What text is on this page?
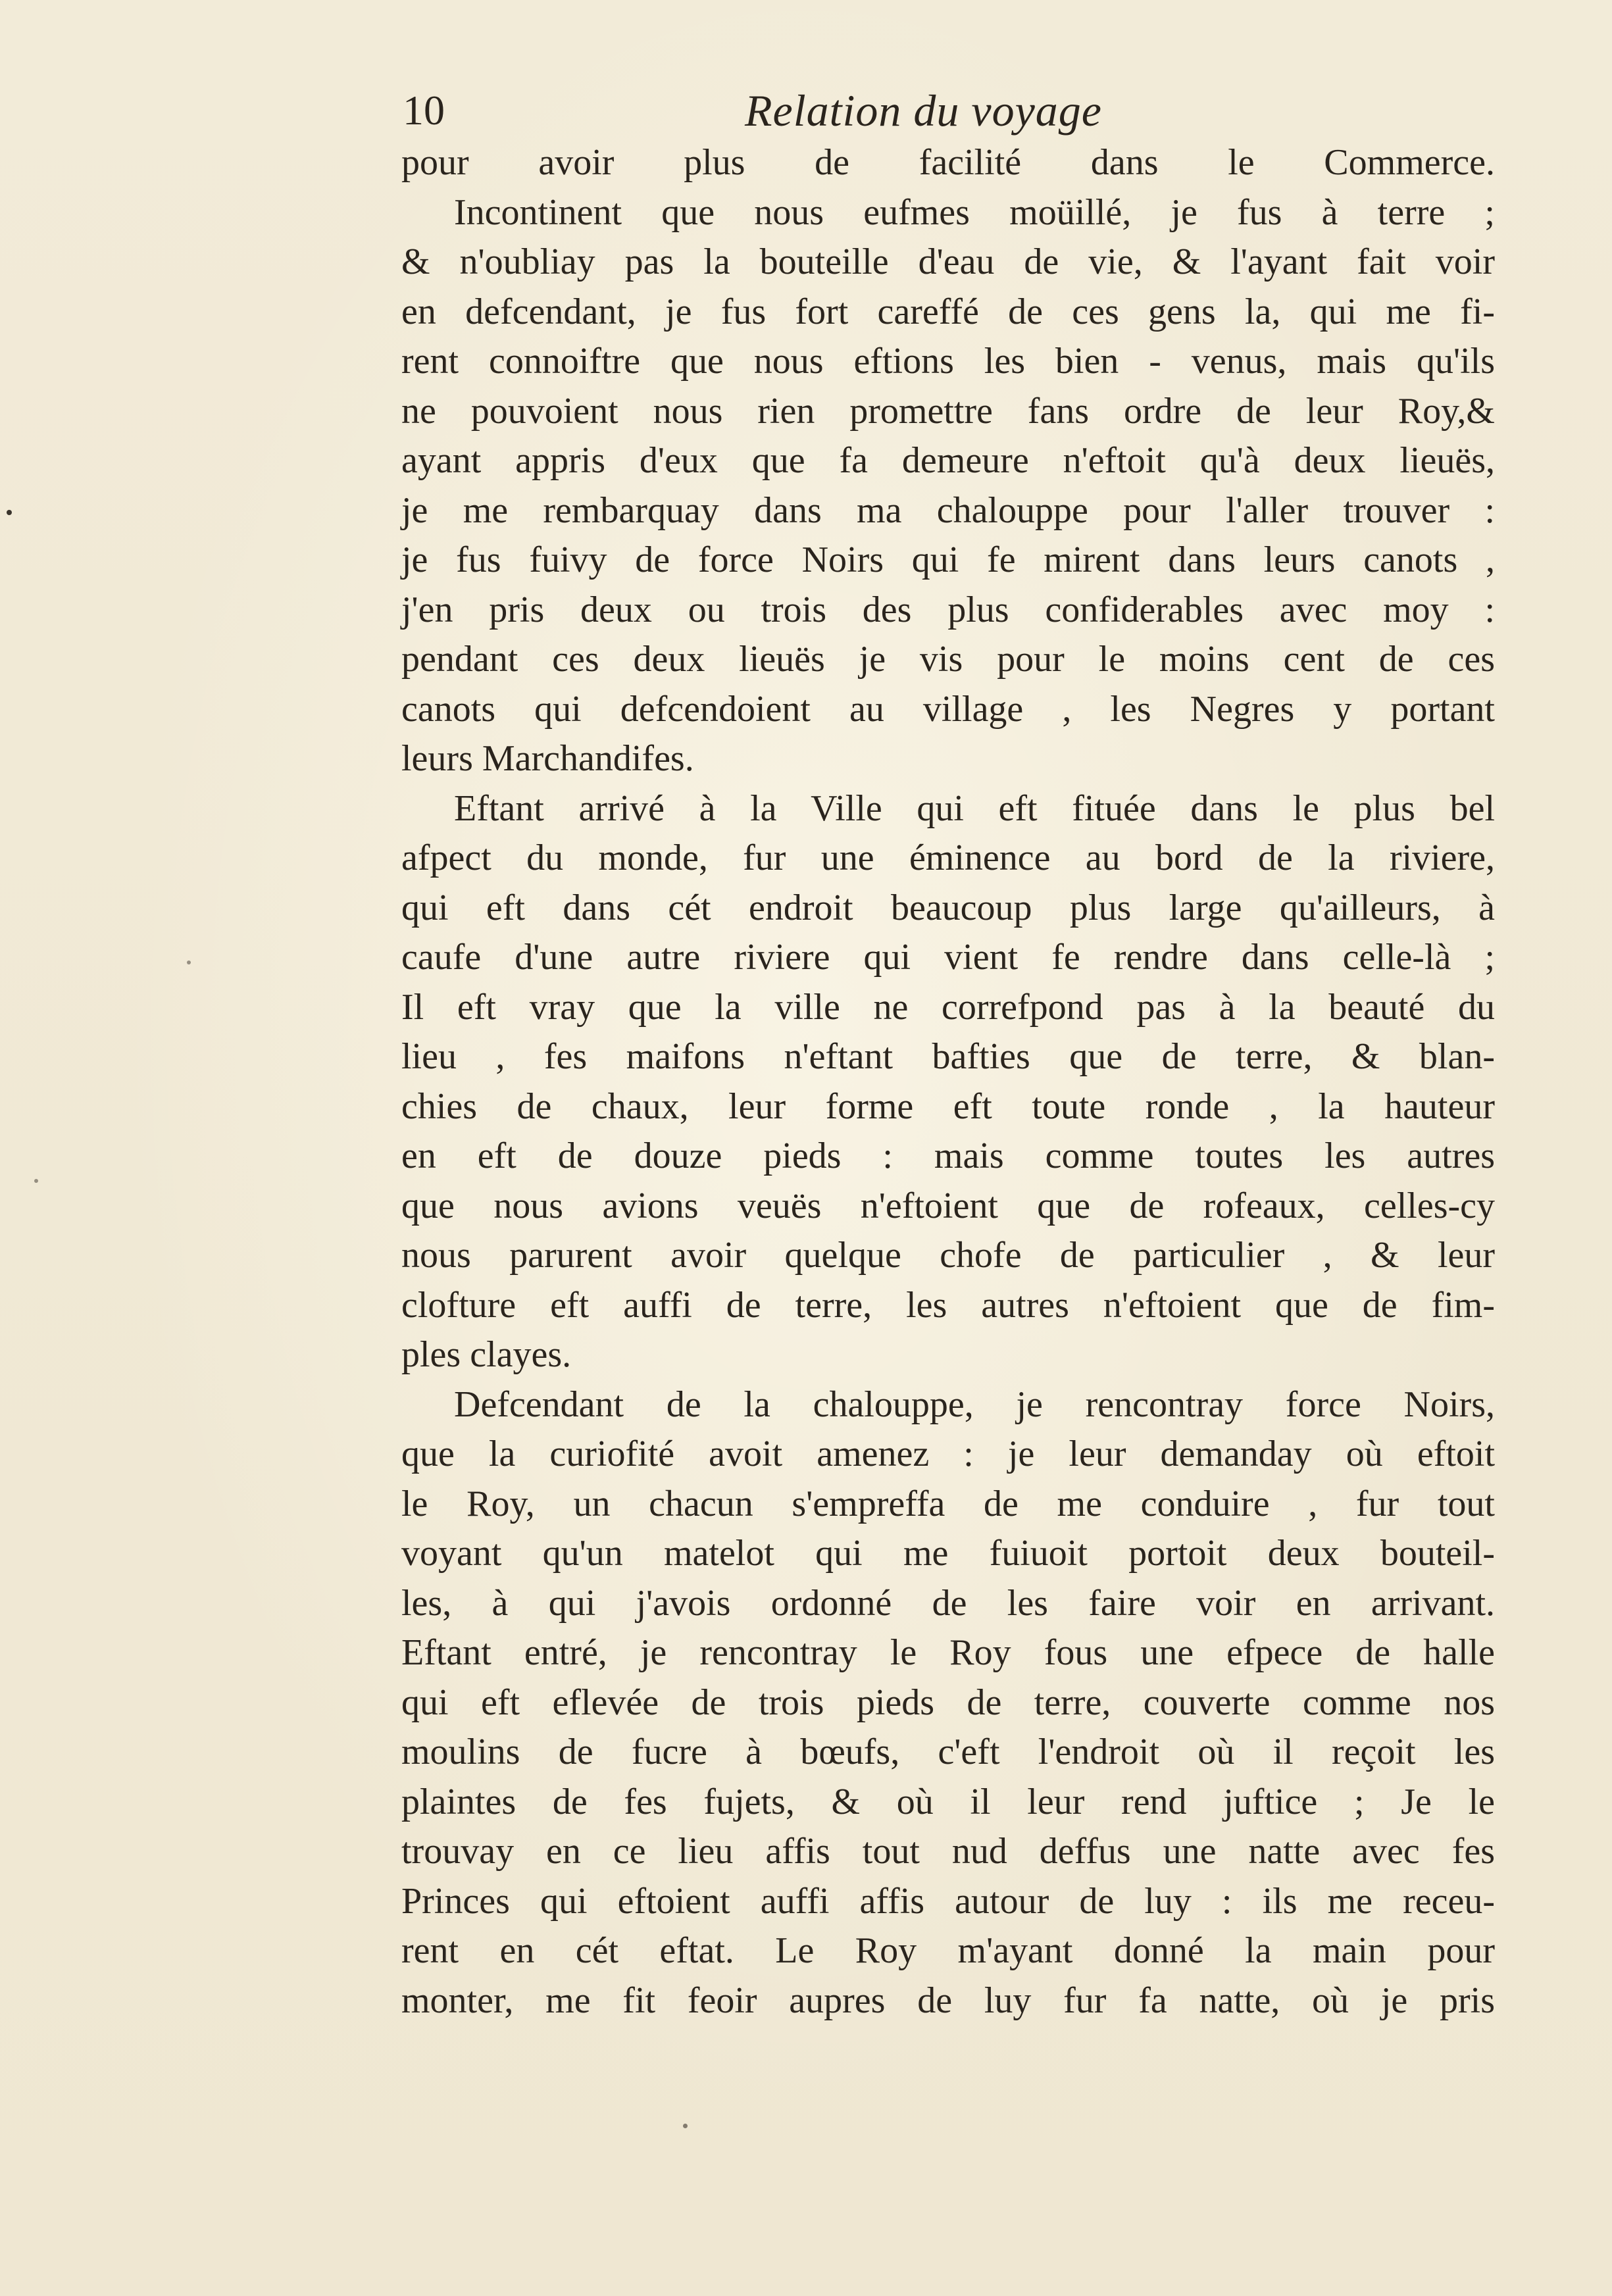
10	Relation du voyage
pour avoir plus de facilité dans le Commerce.
Incontinent que nous eufmes moüillé, je fus à terre ;
& n'oubliay pas la bouteille d'eau de vie, & l'ayant fait voir
en defcendant, je fus fort careffé de ces gens la, qui me fi-
rent connoiftre que nous eftions les bien - venus, mais qu'ils
ne pouvoient nous rien promettre fans ordre de leur Roy,&
ayant appris d'eux que fa demeure n'eftoit qu'à deux lieuës,
je me rembarquay dans ma chalouppe pour l'aller trouver :
je fus fuivy de force Noirs qui fe mirent dans leurs canots ,
j'en pris deux ou trois des plus confiderables avec moy :
pendant ces deux lieuës je vis pour le moins cent de ces
canots qui defcendoient au village , les Negres y portant
leurs Marchandifes.
Eftant arrivé à la Ville qui eft fituée dans le plus bel
afpect du monde, fur une éminence au bord de la riviere,
qui eft dans cét endroit beaucoup plus large qu'ailleurs, à
caufe d'une autre riviere qui vient fe rendre dans celle-là ;
Il eft vray que la ville ne correfpond pas à la beauté du
lieu , fes maifons n'eftant bafties que de terre, & blan-
chies de chaux, leur forme eft toute ronde , la hauteur
en eft de douze pieds : mais comme toutes les autres
que nous avions veuës n'eftoient que de rofeaux, celles-cy
nous parurent avoir quelque chofe de particulier , & leur
clofture eft auffi de terre, les autres n'eftoient que de fim-
ples clayes.
Defcendant de la chalouppe, je rencontray force Noirs,
que la curiofité avoit amenez : je leur demanday où eftoit
le Roy, un chacun s'empreffa de me conduire , fur tout
voyant qu'un matelot qui me fuiuoit portoit deux bouteil-
les, à qui j'avois ordonné de les faire voir en arrivant.
Eftant entré, je rencontray le Roy fous une efpece de halle
qui eft eflevée de trois pieds de terre, couverte comme nos
moulins de fucre à bœufs, c'eft l'endroit où il reçoit les
plaintes de fes fujets, & où il leur rend juftice ; Je le
trouvay en ce lieu affis tout nud deffus une natte avec fes
Princes qui eftoient auffi affis autour de luy : ils me receu-
rent en cét eftat. Le Roy m'ayant donné la main pour
monter, me fit feoir aupres de luy fur fa natte, où je pris
